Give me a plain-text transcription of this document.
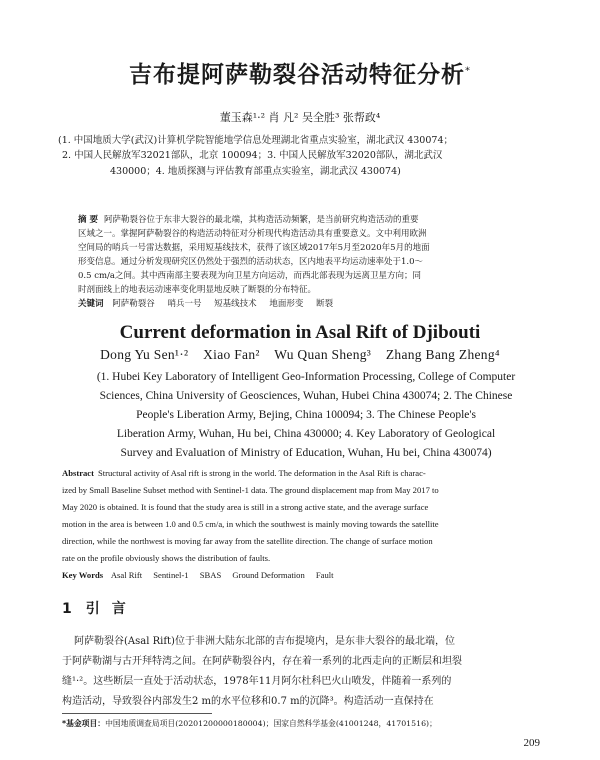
吉布提阿萨勒裂谷活动特征分析*
董玉森¹·² 肖 凡² 吴全胜³ 张帮政⁴
(1. 中国地质大学(武汉)计算机学院智能地学信息处理湖北省重点实验室，湖北武汉 430074；
2. 中国人民解放军32021部队，北京 100094；3. 中国人民解放军32020部队，湖北武汉
430000；4. 地质探测与评估教育部重点实验室，湖北武汉 430074)
摘 要 阿萨勒裂谷位于东非大裂谷的最北端，其构造活动频繁，是当前研究构造活动的重要
区域之一。掌握阿萨勒裂谷的构造活动特征对分析现代构造活动具有重要意义。文中利用欧洲
空间局的哨兵一号雷达数据，采用短基线技术，获得了该区域2017年5月至2020年5月的地面
形变信息。通过分析发现研究区仍然处于强烈的活动状态，区内地表平均运动速率处于1.0～
0.5 cm/a之间。其中西南部主要表现为向卫星方向运动，而西北部表现为远离卫星方向；同
时剖面线上的地表运动速率变化明显地反映了断裂的分布特征。
关键词 阿萨勒裂谷 哨兵一号 短基线技术 地面形变 断裂
Current deformation in Asal Rift of Djibouti
Dong Yu Sen¹·² Xiao Fan² Wu Quan Sheng³ Zhang Bang Zheng⁴
(1. Hubei Key Laboratory of Intelligent Geo-Information Processing, College of Computer
Sciences, China University of Geosciences, Wuhan, Hubei China 430074; 2. The Chinese
People's Liberation Army, Bejing, China 100094; 3. The Chinese People's
Liberation Army, Wuhan, Hu bei, China 430000; 4. Key Laboratory of Geological
Survey and Evaluation of Ministry of Education, Wuhan, Hu bei, China 430074)
Abstract Structural activity of Asal rift is strong in the world. The deformation in the Asal Rift is charac-
ized by Small Baseline Subset method with Sentinel-1 data. The ground displacement map from May 2017 to
May 2020 is obtained. It is found that the study area is still in a strong active state, and the average surface
motion in the area is between 1.0 and 0.5 cm/a, in which the southwest is mainly moving towards the satellite
direction, while the northwest is moving far away from the satellite direction. The change of surface motion
rate on the profile obviously shows the distribution of faults.
Key Words Asal Rift Sentinel-1 SBAS Ground Deformation Fault
1 引言
阿萨勒裂谷(Asal Rift)位于非洲大陆东北部的吉布提境内，是东非大裂谷的最北端，位
于阿萨勒湖与古开拜特湾之间。在阿萨勒裂谷内，存在着一系列的北西走向的正断层和坦裂
缝¹·²。这些断层一直处于活动状态，1978年11月阿尔杜科巴火山喷发，伴随着一系列的
构造活动，导致裂谷内部发生2 m的水平位移和0.7 m的沉降³。构造活动一直保持在
*基金项目：中国地质调查局项目(20201200000180004)；国家自然科学基金(41001248，41701516)；
209
